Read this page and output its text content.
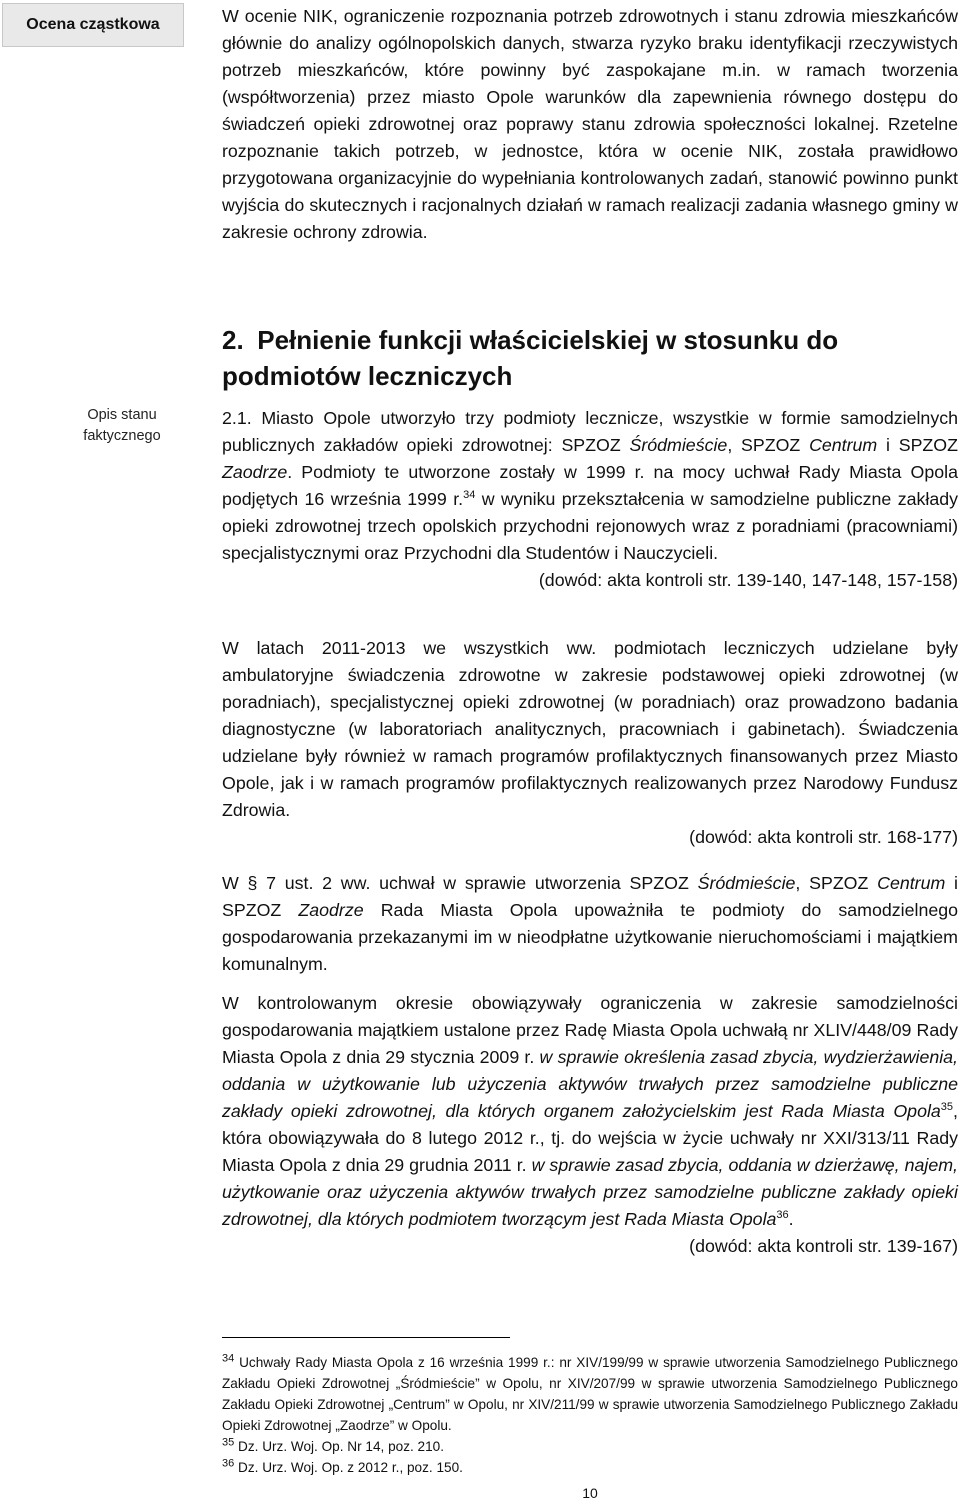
Ocena cząstkowa	W ocenie NIK, ograniczenie rozpoznania potrzeb zdrowotnych i stanu zdrowia mieszkańców głównie do analizy ogólnopolskich danych, stwarza ryzyko braku identyfikacji rzeczywistych potrzeb mieszkańców, które powinny być zaspokajane m.in. w ramach tworzenia (współtworzenia) przez miasto Opole warunków dla zapewnienia równego dostępu do świadczeń opieki zdrowotnej oraz poprawy stanu zdrowia społeczności lokalnej. Rzetelne rozpoznanie takich potrzeb, w jednostce, która w ocenie NIK, została prawidłowo przygotowana organizacyjnie do wypełniania kontrolowanych zadań, stanowić powinno punkt wyjścia do skutecznych i racjonalnych działań w ramach realizacji zadania własnego gminy w zakresie ochrony zdrowia.

2. Pełnienie funkcji właścicielskiej w stosunku do podmiotów leczniczych
Opis stanu faktycznego

2.1. Miasto Opole utworzyło trzy podmioty lecznicze, wszystkie w formie samodzielnych publicznych zakładów opieki zdrowotnej: SPZOZ Śródmieście, SPZOZ Centrum i SPZOZ Zaodrze. Podmioty te utworzone zostały w 1999 r. na mocy uchwał Rady Miasta Opola podjętych 16 września 1999 r.$^{34}$ w wyniku przekształcenia w samodzielne publiczne zakłady opieki zdrowotnej trzech opolskich przychodni rejonowych wraz z poradniami (pracowniami) specjalistycznymi oraz Przychodni dla Studentów i Nauczycieli.

(dowód: akta kontroli str. 139-140, 147-148, 157-158)

W latach 2011-2013 we wszystkich ww. podmiotach leczniczych udzielane były ambulatoryjne świadczenia zdrowotne w zakresie podstawowej opieki zdrowotnej (w poradniach), specjalistycznej opieki zdrowotnej (w poradniach) oraz prowadzono badania diagnostyczne (w laboratoriach analitycznych, pracowniach i gabinetach). Świadczenia udzielane były również w ramach programów profilaktycznych finansowanych przez Miasto Opole, jak i w ramach programów profilaktycznych realizowanych przez Narodowy Fundusz Zdrowia.

(dowód: akta kontroli str. 168-177)

W § 7 ust. 2 ww. uchwał w sprawie utworzenia SPZOZ Śródmieście, SPZOZ Centrum i SPZOZ Zaodrze Rada Miasta Opola upoważniła te podmioty do samodzielnego gospodarowania przekazanymi im w nieodpłatne użytkowanie nieruchomościami i majątkiem komunalnym.

W kontrolowanym okresie obowiązywały ograniczenia w zakresie samodzielności gospodarowania majątkiem ustalone przez Radę Miasta Opola uchwałą nr XLIV/448/09 Rady Miasta Opola z dnia 29 stycznia 2009 r. w sprawie określenia zasad zbycia, wydzierżawienia, oddania w użytkowanie lub użyczenia aktywów trwałych przez samodzielne publiczne zakłady opieki zdrowotnej, dla których organem założycielskim jest Rada Miasta Opola$^{35}$, która obowiązywała do 8 lutego 2012 r., tj. do wejścia w życie uchwały nr XXI/313/11 Rady Miasta Opola z dnia 29 grudnia 2011 r. w sprawie zasad zbycia, oddania w dzierżawę, najem, użytkowanie oraz użyczenia aktywów trwałych przez samodzielne publiczne zakłady opieki zdrowotnej, dla których podmiotem tworzącym jest Rada Miasta Opola$^{36}$.

(dowód: akta kontroli str. 139-167)

$^{34}$ Uchwały Rady Miasta Opola z 16 września 1999 r.: nr XIV/199/99 w sprawie utworzenia Samodzielnego Publicznego Zakładu Opieki Zdrowotnej „Śródmieście” w Opolu, nr XIV/207/99 w sprawie utworzenia Samodzielnego Publicznego Zakładu Opieki Zdrowotnej „Centrum” w Opolu, nr XIV/211/99 w sprawie utworzenia Samodzielnego Publicznego Zakładu Opieki Zdrowotnej „Zaodrze” w Opolu.

$^{35}$ Dz. Urz. Woj. Op. Nr 14, poz. 210.

$^{36}$ Dz. Urz. Woj. Op. z 2012 r., poz. 150.

10
